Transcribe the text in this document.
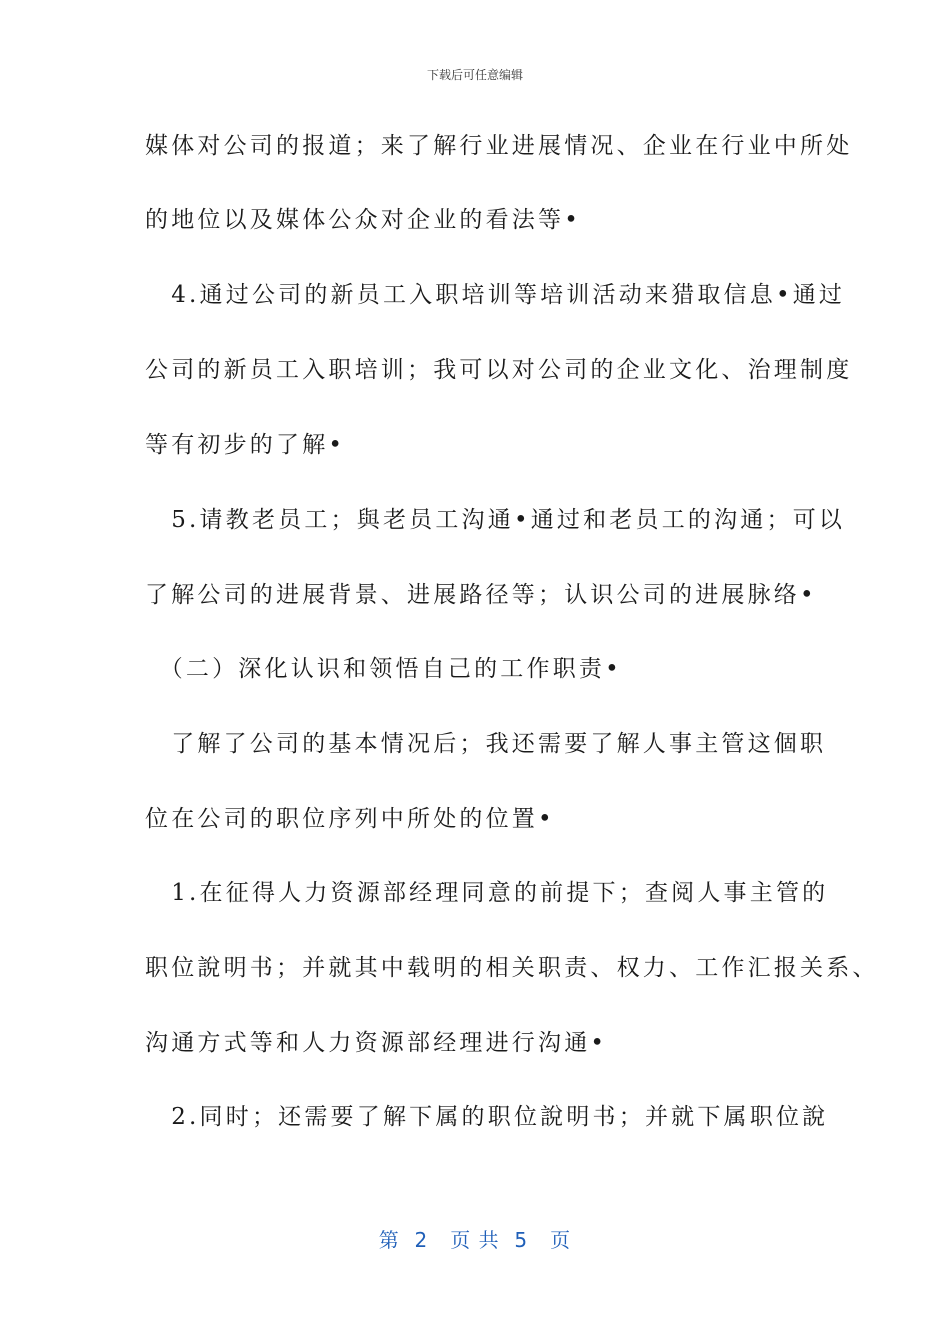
下载后可任意编辑
媒体对公司的报道；来了解行业进展情况、企业在行业中所处
的地位以及媒体公众对企业的看法等•
　4.通过公司的新员工入职培训等培训活动来猎取信息•通过
公司的新员工入职培训；我可以对公司的企业文化、治理制度
等有初步的了解•
　5.请教老员工；與老员工沟通•通过和老员工的沟通；可以
了解公司的进展背景、进展路径等；认识公司的进展脉络•
　（二）深化认识和领悟自己的工作职责•
　了解了公司的基本情况后；我还需要了解人事主管这個职
位在公司的职位序列中所处的位置•
　1.在征得人力资源部经理同意的前提下；查阅人事主管的
职位說明书；并就其中载明的相关职责、权力、工作汇报关系、
沟通方式等和人力资源部经理进行沟通•
　2.同时；还需要了解下属的职位說明书；并就下属职位說
第  2   页 共  5   页
